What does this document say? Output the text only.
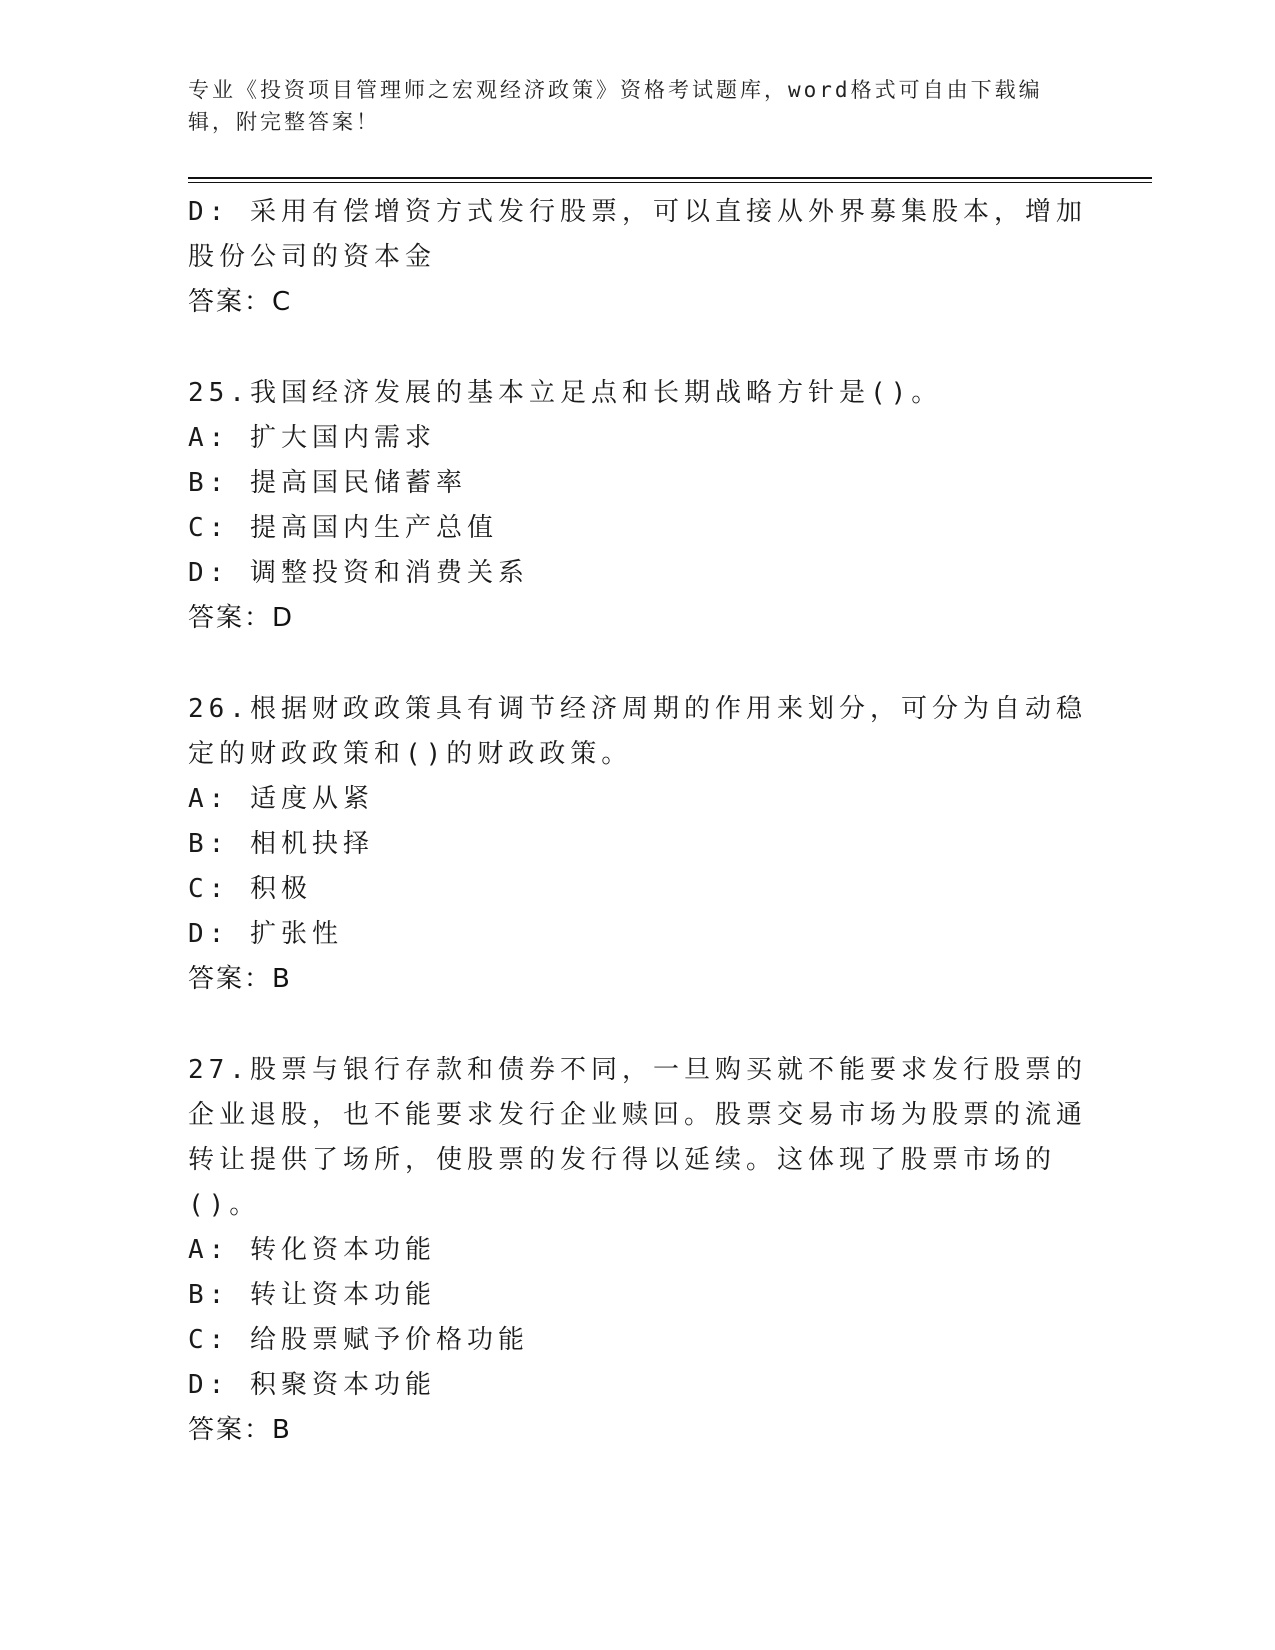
专业《投资项目管理师之宏观经济政策》资格考试题库，word格式可自由下载编辑，附完整答案！
D: 采用有偿增资方式发行股票，可以直接从外界募集股本，增加股份公司的资本金
答案：C
25.我国经济发展的基本立足点和长期战略方针是()。
A: 扩大国内需求
B: 提高国民储蓄率
C: 提高国内生产总值
D: 调整投资和消费关系
答案：D
26.根据财政政策具有调节经济周期的作用来划分，可分为自动稳定的财政政策和()的财政政策。
A: 适度从紧
B: 相机抉择
C: 积极
D: 扩张性
答案：B
27.股票与银行存款和债券不同，一旦购买就不能要求发行股票的企业退股，也不能要求发行企业赎回。股票交易市场为股票的流通转让提供了场所，使股票的发行得以延续。这体现了股票市场的()。
A: 转化资本功能
B: 转让资本功能
C: 给股票赋予价格功能
D: 积聚资本功能
答案：B
